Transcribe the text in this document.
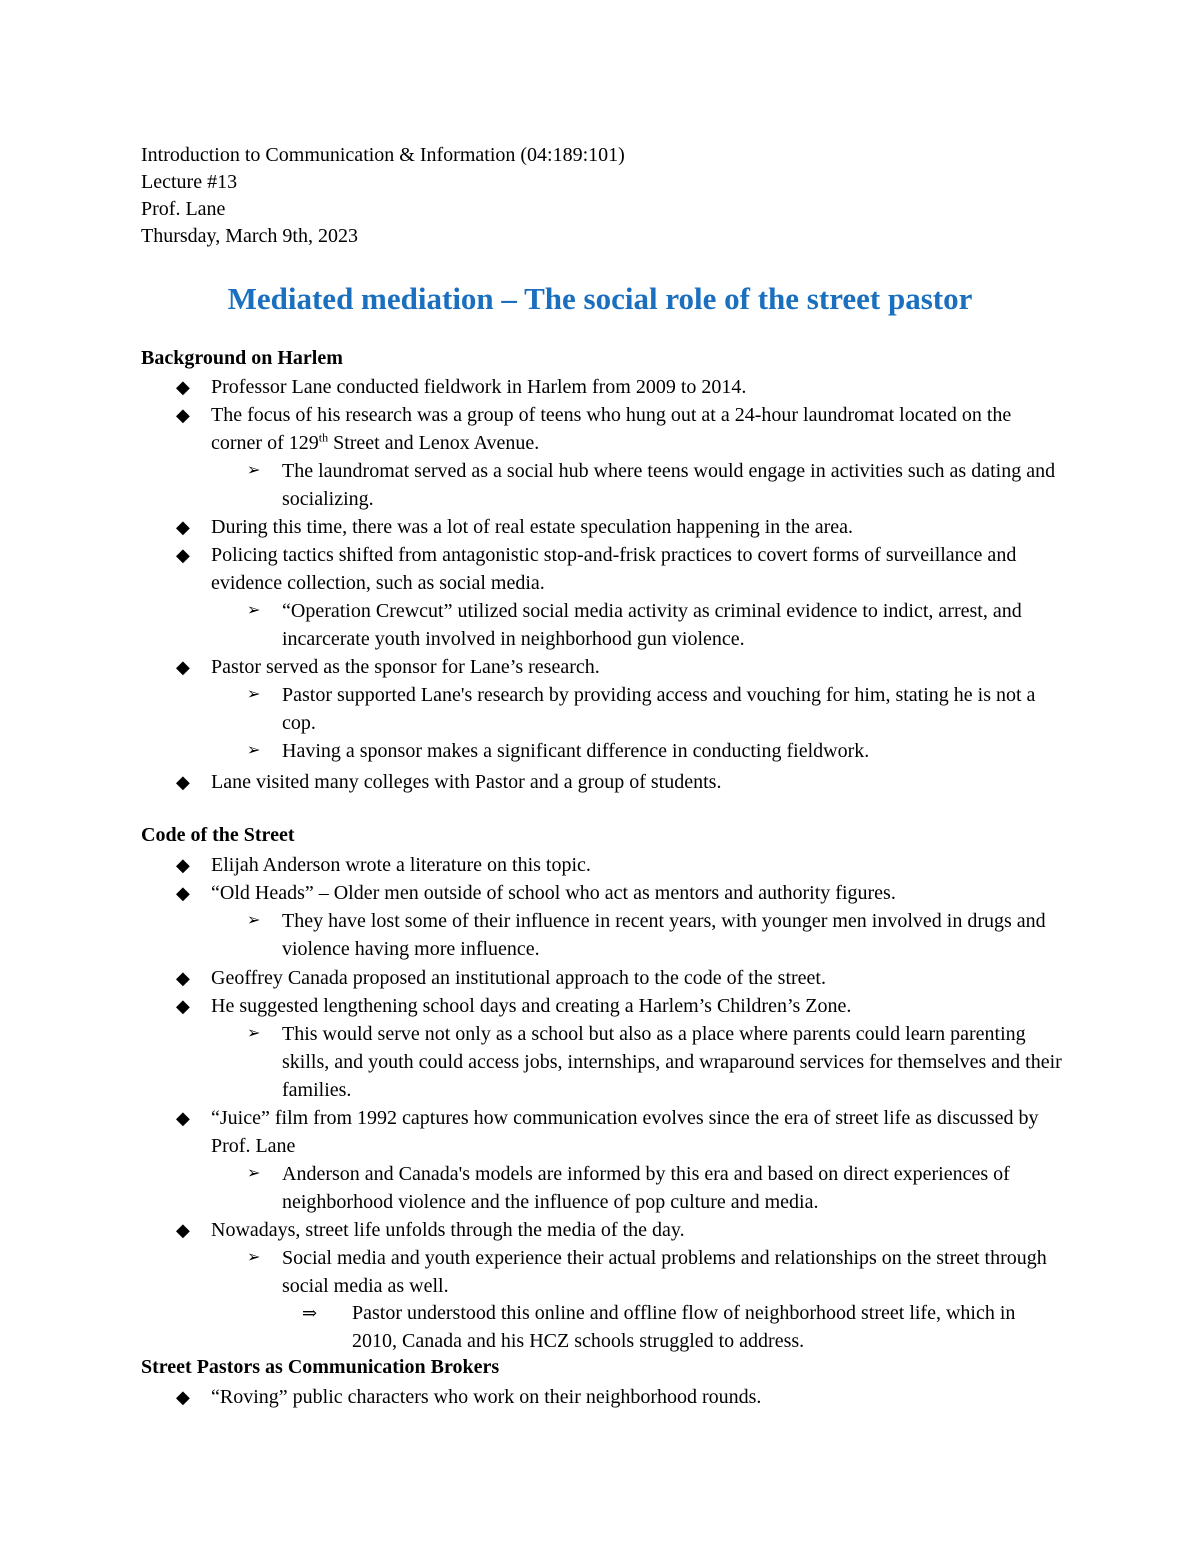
Introduction to Communication & Information (04:189:101)
Lecture #13
Prof. Lane
Thursday, March 9th, 2023
Mediated mediation – The social role of the street pastor
Background on Harlem
◆ Professor Lane conducted fieldwork in Harlem from 2009 to 2014.
◆ The focus of his research was a group of teens who hung out at a 24-hour laundromat located on the corner of 129th Street and Lenox Avenue.
➢ The laundromat served as a social hub where teens would engage in activities such as dating and socializing.
◆ During this time, there was a lot of real estate speculation happening in the area.
◆ Policing tactics shifted from antagonistic stop-and-frisk practices to covert forms of surveillance and evidence collection, such as social media.
➢ “Operation Crewcut” utilized social media activity as criminal evidence to indict, arrest, and incarcerate youth involved in neighborhood gun violence.
◆ Pastor served as the sponsor for Lane’s research.
➢ Pastor supported Lane's research by providing access and vouching for him, stating he is not a cop.
➢ Having a sponsor makes a significant difference in conducting fieldwork.
◆ Lane visited many colleges with Pastor and a group of students.
Code of the Street
◆ Elijah Anderson wrote a literature on this topic.
◆ “Old Heads” – Older men outside of school who act as mentors and authority figures.
➢ They have lost some of their influence in recent years, with younger men involved in drugs and violence having more influence.
◆ Geoffrey Canada proposed an institutional approach to the code of the street.
◆ He suggested lengthening school days and creating a Harlem’s Children’s Zone.
➢ This would serve not only as a school but also as a place where parents could learn parenting skills, and youth could access jobs, internships, and wraparound services for themselves and their families.
◆ “Juice” film from 1992 captures how communication evolves since the era of street life as discussed by Prof. Lane
➢ Anderson and Canada's models are informed by this era and based on direct experiences of neighborhood violence and the influence of pop culture and media.
◆ Nowadays, street life unfolds through the media of the day.
➢ Social media and youth experience their actual problems and relationships on the street through social media as well.
⇒ Pastor understood this online and offline flow of neighborhood street life, which in 2010, Canada and his HCZ schools struggled to address.
Street Pastors as Communication Brokers
◆ “Roving” public characters who work on their neighborhood rounds.
